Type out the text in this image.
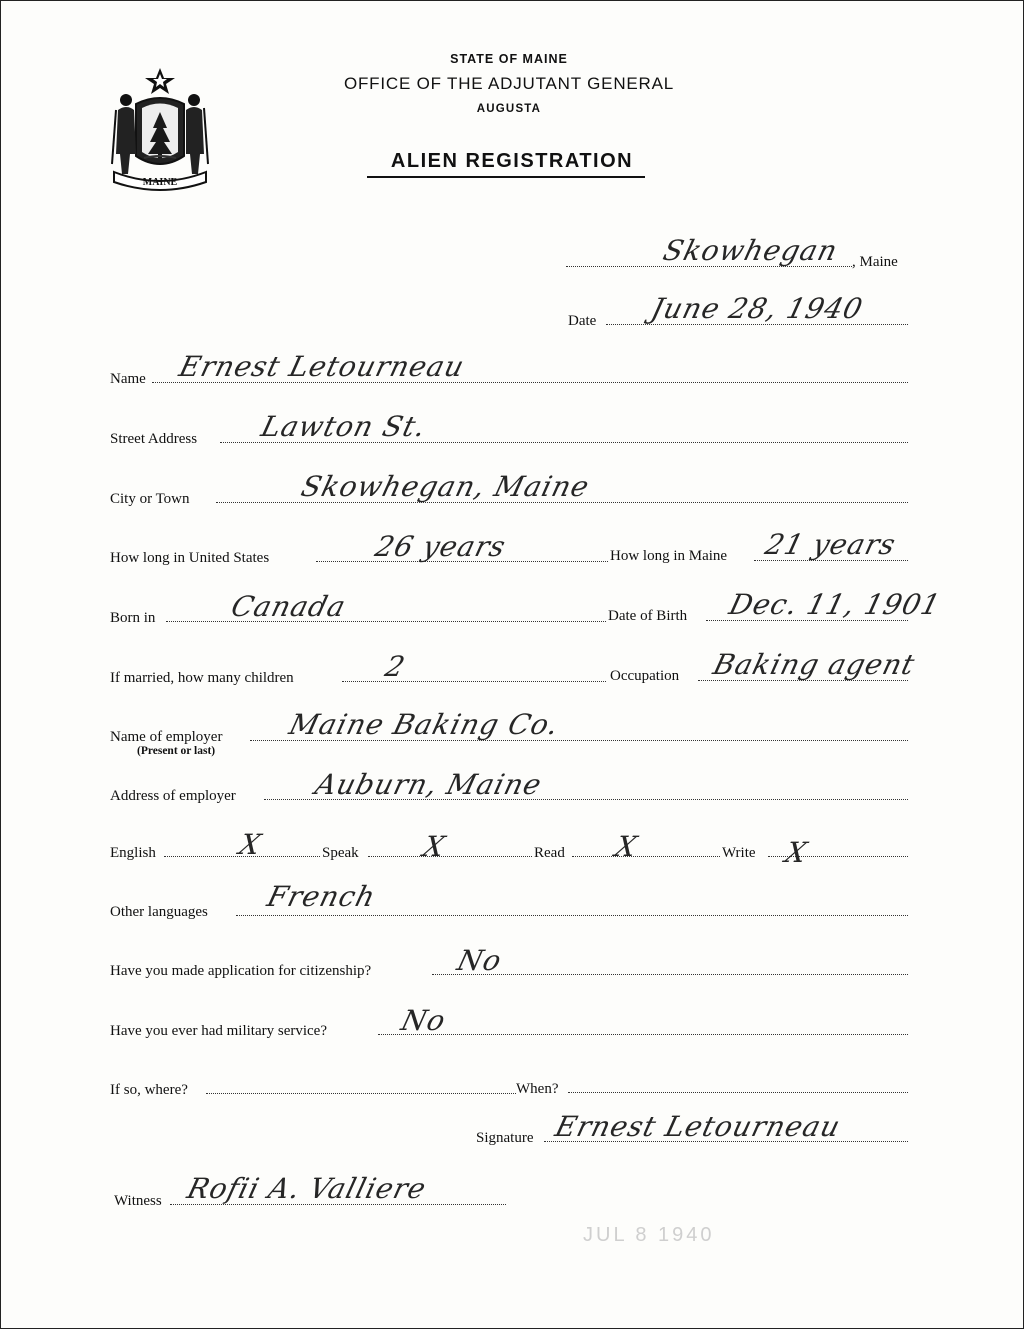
MAINE
STATE OF MAINE
OFFICE OF THE ADJUTANT GENERAL
AUGUSTA
ALIEN REGISTRATION
Skowhegan , Maine
Date June 28, 1940
Name Ernest Letourneau
Street Address Lawton St.
City or Town	Skowhegan, Maine
How long in United States	26 years	How long in Maine 21 years
Born in	Canada	Date of Birth Dec. 11, 1901
If married, how many children	2	Occupation Baking agent
Name of employer
(Present or last)
Maine Baking Co.
Address of employer	Auburn, Maine
English	X	Speak X	Read X	Write X
Other languages French
Have you made application for citizenship?	No
Have you ever had military service?	No
If so, where?	When?
Signature Ernest Letourneau
Witness Rofii A. Valliere
JUL 8 1940
